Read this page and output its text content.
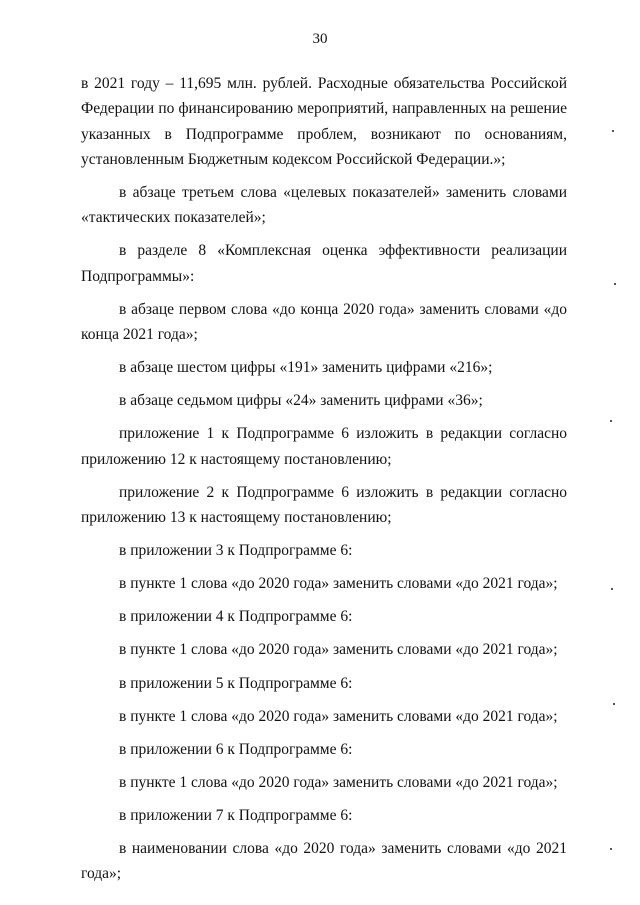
30

в 2021 году – 11,695 млн. рублей. Расходные обязательства Российской Федерации по финансированию мероприятий, направленных на решение указанных в Подпрограмме проблем, возникают по основаниям, установленным Бюджетным кодексом Российской Федерации.»;

в абзаце третьем слова «целевых показателей» заменить словами «тактических показателей»;

в разделе 8 «Комплексная оценка эффективности реализации Подпрограммы»:

в абзаце первом слова «до конца 2020 года» заменить словами «до конца 2021 года»;

в абзаце шестом цифры «191» заменить цифрами «216»;

в абзаце седьмом цифры «24» заменить цифрами «36»;

приложение 1 к Подпрограмме 6 изложить в редакции согласно приложению 12 к настоящему постановлению;

приложение 2 к Подпрограмме 6 изложить в редакции согласно приложению 13 к настоящему постановлению;

в приложении 3 к Подпрограмме 6:

в пункте 1 слова «до 2020 года» заменить словами «до 2021 года»;

в приложении 4 к Подпрограмме 6:

в пункте 1 слова «до 2020 года» заменить словами «до 2021 года»;

в приложении 5 к Подпрограмме 6:

в пункте 1 слова «до 2020 года» заменить словами «до 2021 года»;

в приложении 6 к Подпрограмме 6:

в пункте 1 слова «до 2020 года» заменить словами «до 2021 года»;

в приложении 7 к Подпрограмме 6:

в наименовании слова «до 2020 года» заменить словами «до 2021 года»;
